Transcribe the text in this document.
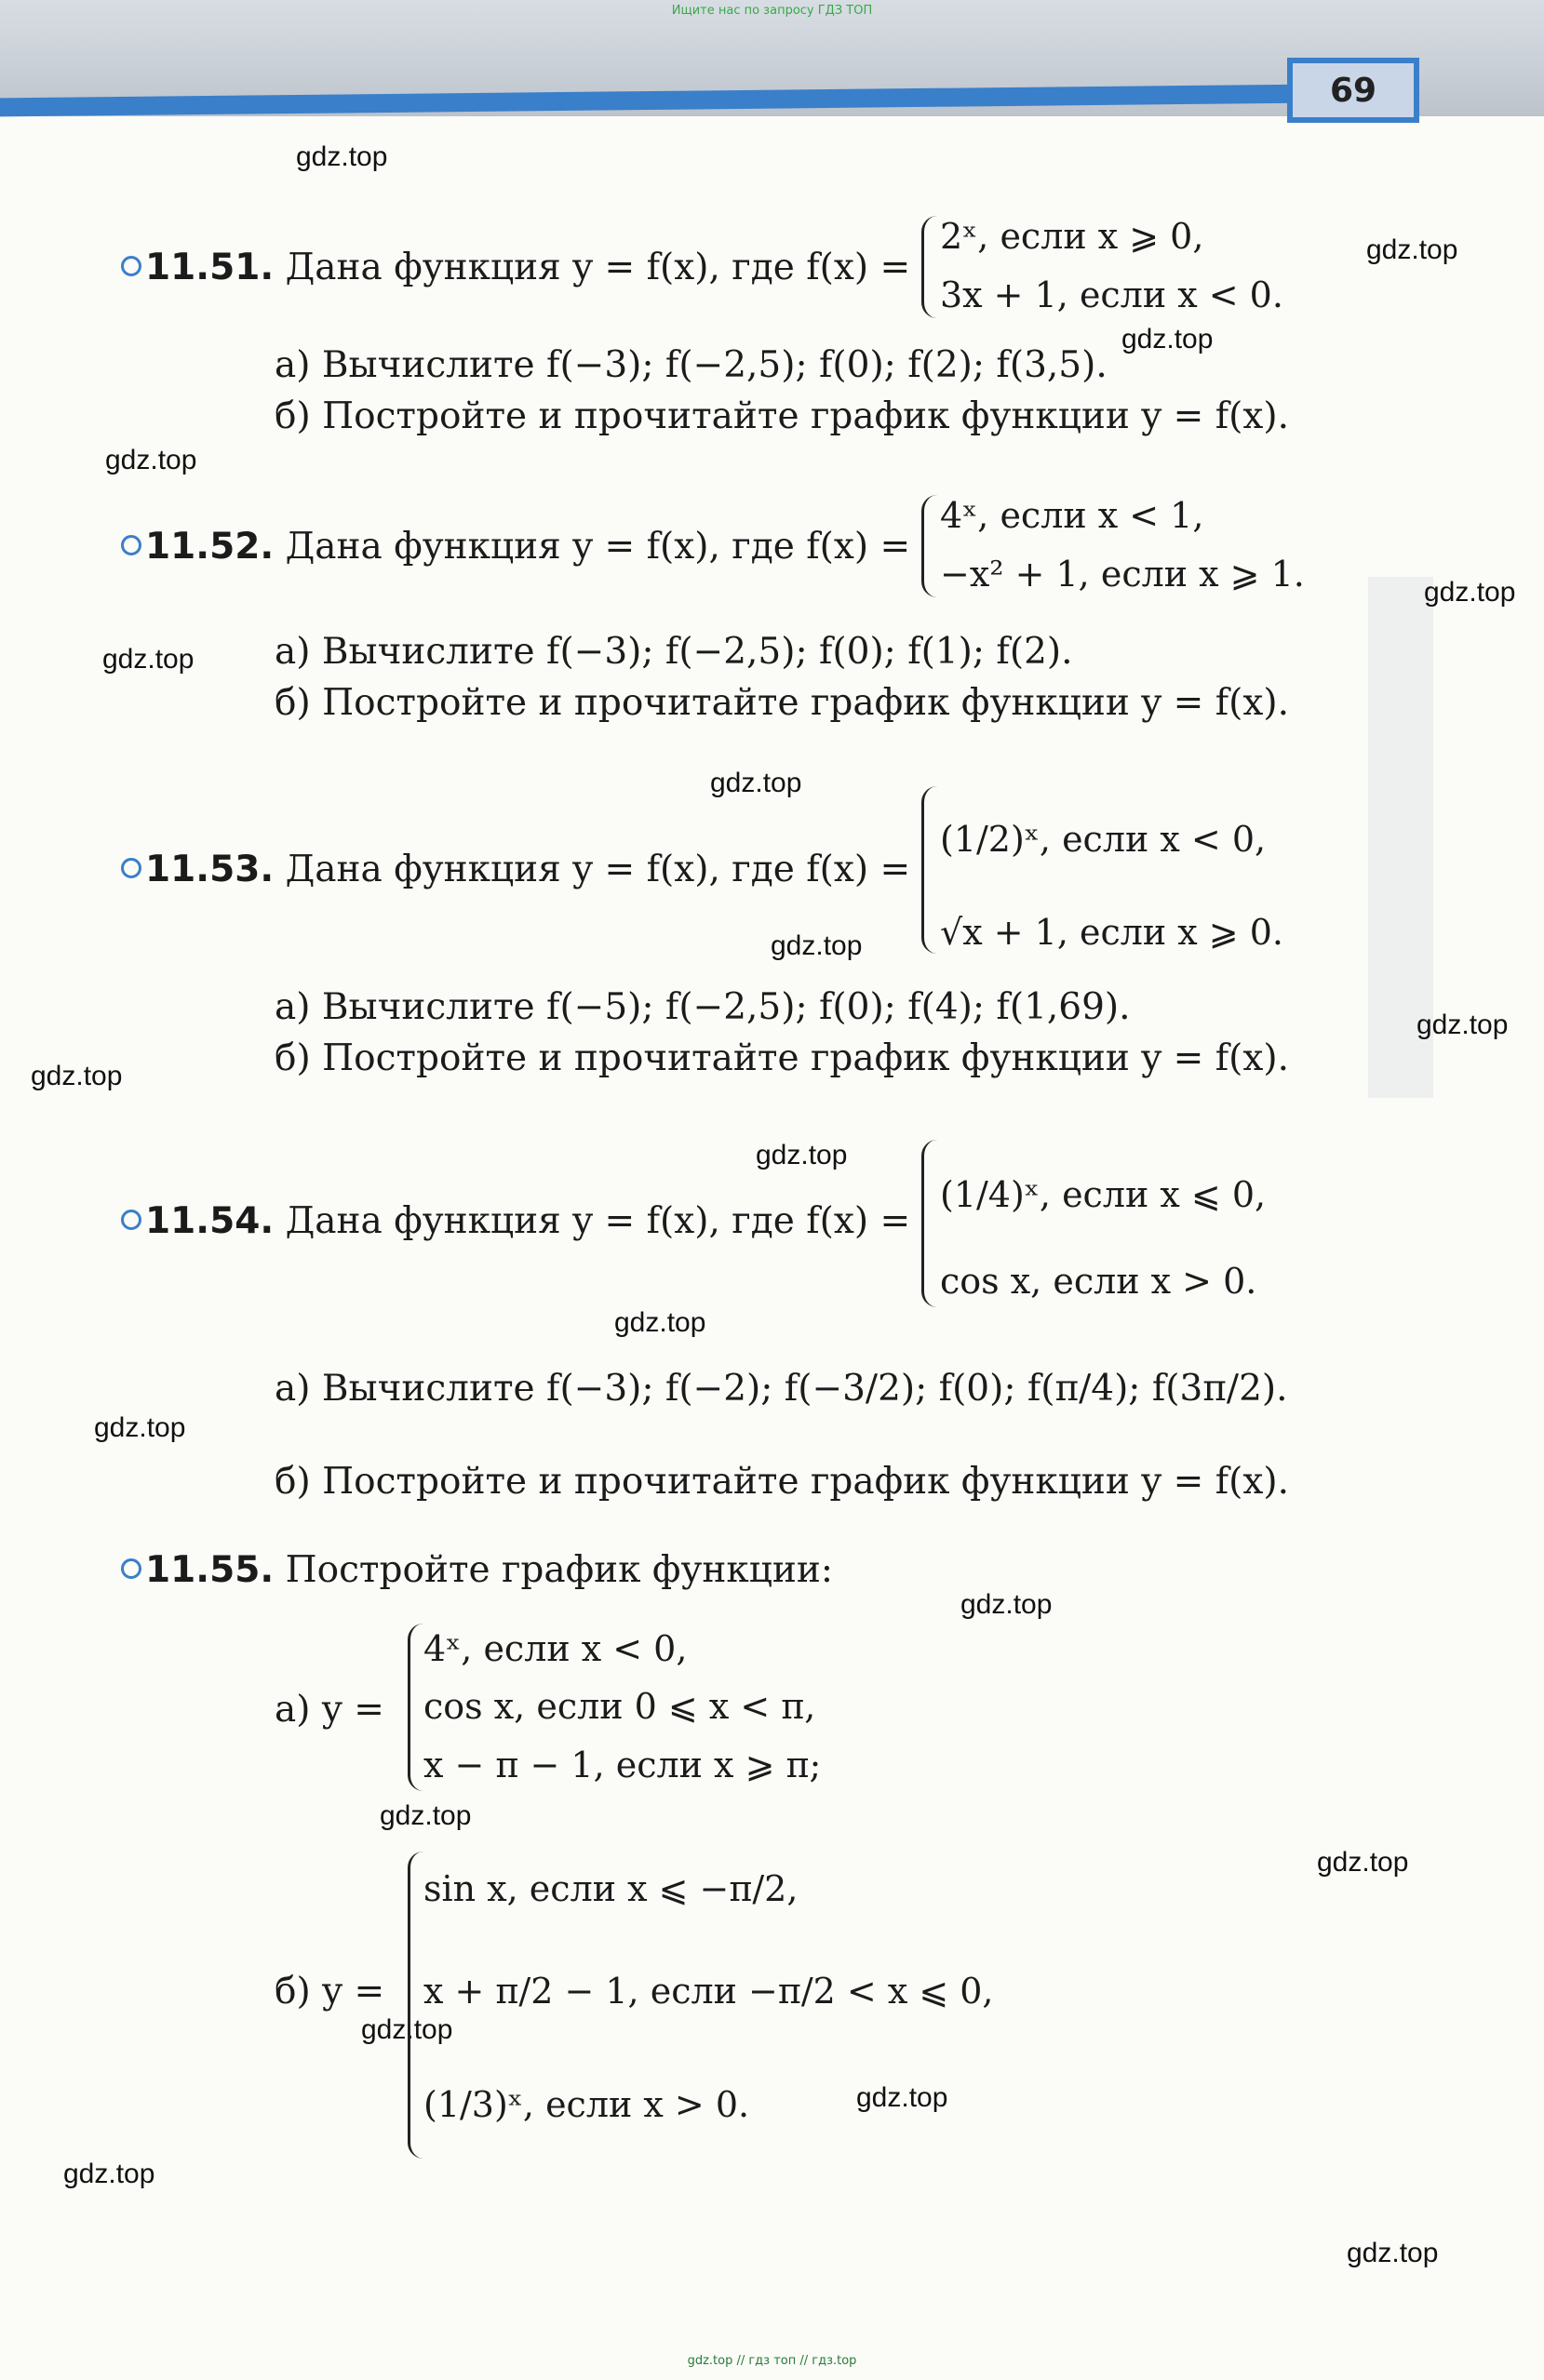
Ищите нас по запросу ГДЗ ТОП
69
gdz.top
gdz.top
gdz.top
gdz.top
gdz.top
gdz.top
gdz.top
gdz.top
gdz.top
gdz.top
gdz.top
gdz.top
gdz.top
gdz.top
gdz.top
gdz.top
gdz.top
gdz.top
gdz.top
gdz.top
11.51. Дана функция y = f(x), где f(x) =
2ˣ, если x ⩾ 0,
3x + 1, если x < 0.
а) Вычислите f(−3); f(−2,5); f(0); f(2); f(3,5).
б) Постройте и прочитайте график функции y = f(x).
11.52. Дана функция y = f(x), где f(x) =
4ˣ, если x < 1,
−x² + 1, если x ⩾ 1.
а) Вычислите f(−3); f(−2,5); f(0); f(1); f(2).
б) Постройте и прочитайте график функции y = f(x).
11.53. Дана функция y = f(x), где f(x) =
(1/2)ˣ, если x < 0,
√x + 1, если x ⩾ 0.
а) Вычислите f(−5); f(−2,5); f(0); f(4); f(1,69).
б) Постройте и прочитайте график функции y = f(x).
11.54. Дана функция y = f(x), где f(x) =
(1/4)ˣ, если x ⩽ 0,
cos x, если x > 0.
а) Вычислите f(−3); f(−2); f(−3/2); f(0); f(π/4); f(3π/2).
б) Постройте и прочитайте график функции y = f(x).
11.55. Постройте график функции:
а) y =
4ˣ, если x < 0,
cos x, если 0 ⩽ x < π,
x − π − 1, если x ⩾ π;
б) y =
sin x, если x ⩽ −π/2,
x + π/2 − 1, если −π/2 < x ⩽ 0,
(1/3)ˣ, если x > 0.
gdz.top // гдз топ // гдз.top
